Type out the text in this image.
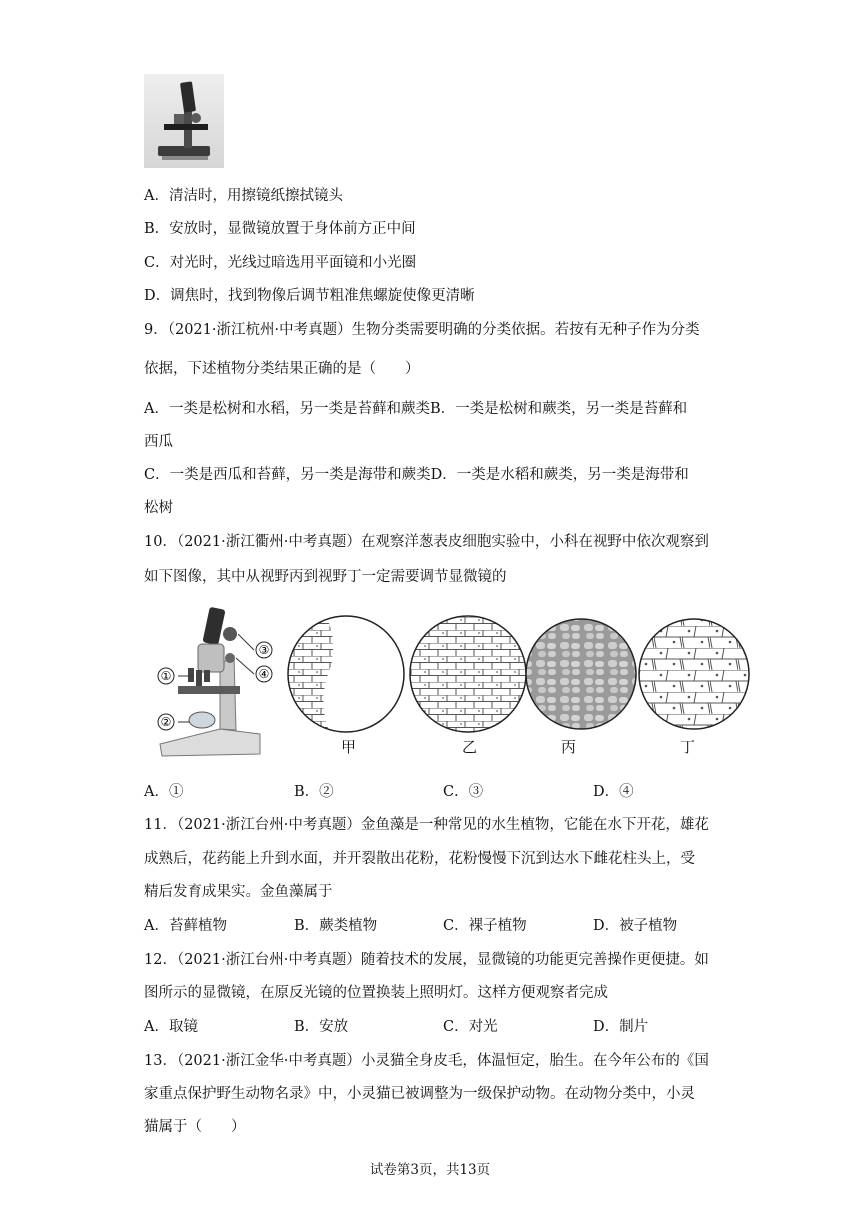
A．清洁时，用擦镜纸擦拭镜头
B．安放时，显微镜放置于身体前方正中间
C．对光时，光线过暗选用平面镜和小光圈
D．调焦时，找到物像后调节粗准焦螺旋使像更清晰
9．（2021·浙江杭州·中考真题）生物分类需要明确的分类依据。若按有无种子作为分类
依据，下述植物分类结果正确的是（　　）
A．一类是松树和水稻，另一类是苔藓和蕨类B．一类是松树和蕨类，另一类是苔藓和
西瓜
C．一类是西瓜和苔藓，另一类是海带和蕨类D．一类是水稻和蕨类，另一类是海带和
松树
10．（2021·浙江衢州·中考真题）在观察洋葱表皮细胞实验中，小科在视野中依次观察到
如下图像，其中从视野丙到视野丁一定需要调节显微镜的
①
②
③
④
甲	乙	丙	丁
A．①	B．②	C．③	D．④
11．（2021·浙江台州·中考真题）金鱼藻是一种常见的水生植物，它能在水下开花，雄花
成熟后，花药能上升到水面，并开裂散出花粉，花粉慢慢下沉到达水下雌花柱头上，受
精后发育成果实。金鱼藻属于
A．苔藓植物	B．蕨类植物	C．裸子植物	D．被子植物
12．（2021·浙江台州·中考真题）随着技术的发展，显微镜的功能更完善操作更便捷。如
图所示的显微镜，在原反光镜的位置换装上照明灯。这样方便观察者完成
A．取镜	B．安放	C．对光	D．制片
13．（2021·浙江金华·中考真题）小灵猫全身皮毛，体温恒定，胎生。在今年公布的《国
家重点保护野生动物名录》中，小灵猫已被调整为一级保护动物。在动物分类中，小灵
猫属于（　　）
试卷第3页，共13页
